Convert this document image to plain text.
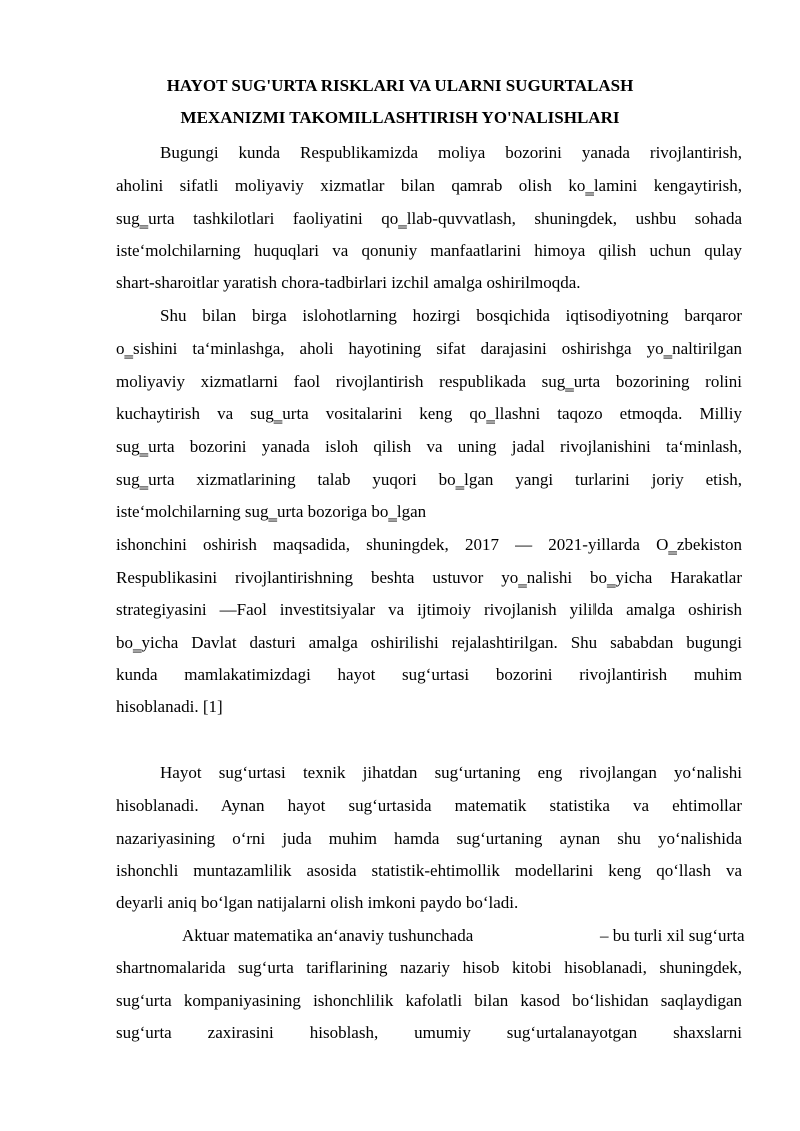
HAYOT SUG'URTA RISKLARI VA ULARNI SUGURTALASH
MEXANIZMI TAKOMILLASHTIRISH YO'NALISHLARI
Bugungi kunda Respublikamizda moliya bozorini yanada rivojlantirish,
aholini sifatli moliyaviy xizmatlar bilan qamrab olish ko‗lamini kengaytirish,
sug‗urta tashkilotlari faoliyatini qo‗llab-quvvatlash, shuningdek, ushbu sohada
iste‘molchilarning huquqlari va qonuniy manfaatlarini himoya qilish uchun qulay
shart-sharoitlar yaratish chora-tadbirlari izchil amalga oshirilmoqda.
Shu bilan birga islohotlarning hozirgi bosqichida iqtisodiyotning barqaror
o‗sishini ta‘minlashga, aholi hayotining sifat darajasini oshirishga yo‗naltirilgan
moliyaviy xizmatlarni faol rivojlantirish respublikada sug‗urta bozorining rolini
kuchaytirish va sug‗urta vositalarini keng qo‗llashni taqozo etmoqda. Milliy
sug‗urta bozorini yanada isloh qilish va uning jadal rivojlanishini ta‘minlash,
sug‗urta xizmatlarining talab yuqori bo‗lgan yangi turlarini joriy etish,
iste‘molchilarning sug‗urta bozoriga bo‗lgan
ishonchini oshirish maqsadida, shuningdek, 2017 — 2021-yillarda O‗zbekiston
Respublikasini rivojlantirishning beshta ustuvor yo‗nalishi bo‗yicha Harakatlar
strategiyasini ―Faol investitsiyalar va ijtimoiy rivojlanish yili‖da amalga oshirish
bo‗yicha Davlat dasturi amalga oshirilishi rejalashtirilgan. Shu sababdan bugungi
kunda mamlakatimizdagi hayot sug‘urtasi bozorini rivojlantirish muhim
hisoblanadi. [1]
Hayot sug‘urtasi texnik jihatdan sug‘urtaning eng rivojlangan yo‘nalishi
hisoblanadi. Aynan hayot sug‘urtasida matematik statistika va ehtimollar
nazariyasining o‘rni juda muhim hamda sug‘urtaning aynan shu yo‘nalishida
ishonchli muntazamlilik asosida statistik-ehtimollik modellarini keng qo‘llash va
deyarli aniq bo‘lgan natijalarni olish imkoni paydo bo‘ladi.
Aktuar matematika an‘anaviy tushunchada	– bu turli xil sug‘urta
shartnomalarida sug‘urta tariflarining nazariy hisob kitobi hisoblanadi, shuningdek,
sug‘urta kompaniyasining ishonchlilik kafolatli bilan kasod bo‘lishidan saqlaydigan
sug‘urta zaxirasini hisoblash, umumiy sug‘urtalanayotgan shaxslarni
